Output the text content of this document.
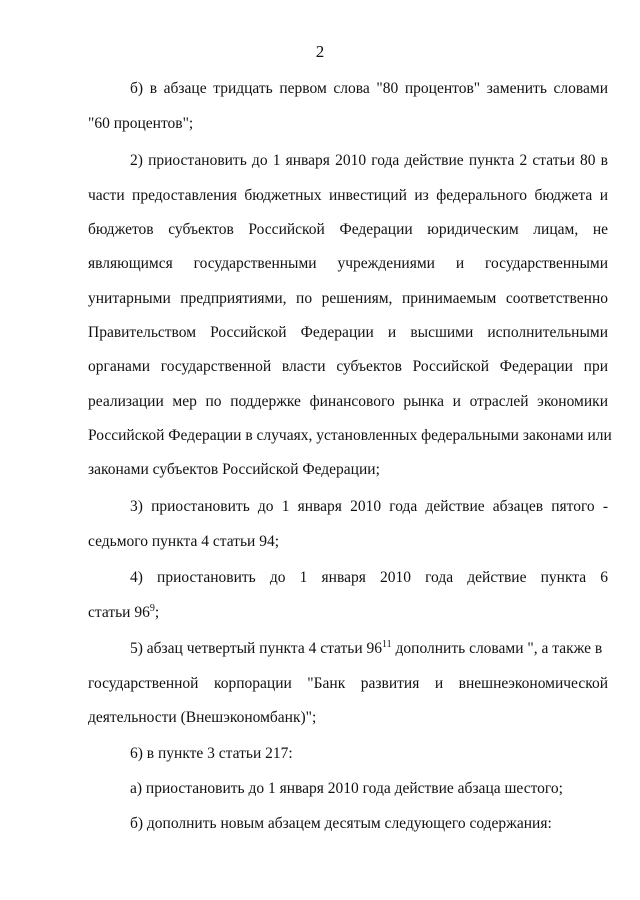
2
б) в абзаце тридцать первом слова "80 процентов" заменить словами
"60 процентов";
2) приостановить до 1 января 2010 года действие пункта 2 статьи 80 в
части предоставления бюджетных инвестиций из федерального бюджета и
бюджетов субъектов Российской Федерации юридическим лицам, не
являющимся государственными учреждениями и государственными
унитарными предприятиями, по решениям, принимаемым соответственно
Правительством Российской Федерации и высшими исполнительными
органами государственной власти субъектов Российской Федерации при
реализации мер по поддержке финансового рынка и отраслей экономики
Российской Федерации в случаях, установленных федеральными законами или
законами субъектов Российской Федерации;
3) приостановить до 1 января 2010 года действие абзацев пятого -
седьмого пункта 4 статьи 94;
4) приостановить до 1 января 2010 года действие пункта 6
статьи $96^9$;
5) абзац четвертый пункта 4 статьи $96^{11}$ дополнить словами ", а также в
государственной корпорации "Банк развития и внешнеэкономической
деятельности (Внешэкономбанк)";
6) в пункте 3 статьи 217:
а) приостановить до 1 января 2010 года действие абзаца шестого;
б) дополнить новым абзацем десятым следующего содержания:
